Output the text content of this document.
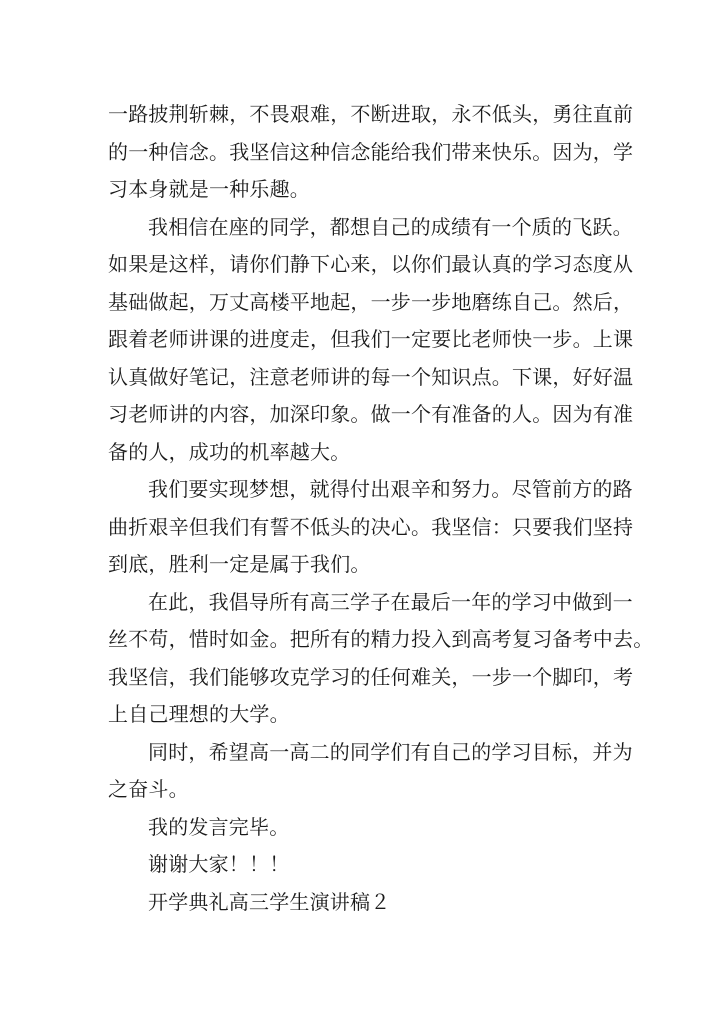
一路披荆斩棘，不畏艰难，不断进取，永不低头，勇往直前
的一种信念。我坚信这种信念能给我们带来快乐。因为，学
习本身就是一种乐趣。
我相信在座的同学，都想自己的成绩有一个质的飞跃。
如果是这样，请你们静下心来，以你们最认真的学习态度从
基础做起，万丈高楼平地起，一步一步地磨练自己。然后，
跟着老师讲课的进度走，但我们一定要比老师快一步。上课
认真做好笔记，注意老师讲的每一个知识点。下课，好好温
习老师讲的内容，加深印象。做一个有准备的人。因为有准
备的人，成功的机率越大。
我们要实现梦想，就得付出艰辛和努力。尽管前方的路
曲折艰辛但我们有誓不低头的决心。我坚信：只要我们坚持
到底，胜利一定是属于我们。
在此，我倡导所有高三学子在最后一年的学习中做到一
丝不苟，惜时如金。把所有的精力投入到高考复习备考中去。
我坚信，我们能够攻克学习的任何难关，一步一个脚印，考
上自己理想的大学。
同时，希望高一高二的同学们有自己的学习目标，并为
之奋斗。
我的发言完毕。
谢谢大家！！！
开学典礼高三学生演讲稿２
